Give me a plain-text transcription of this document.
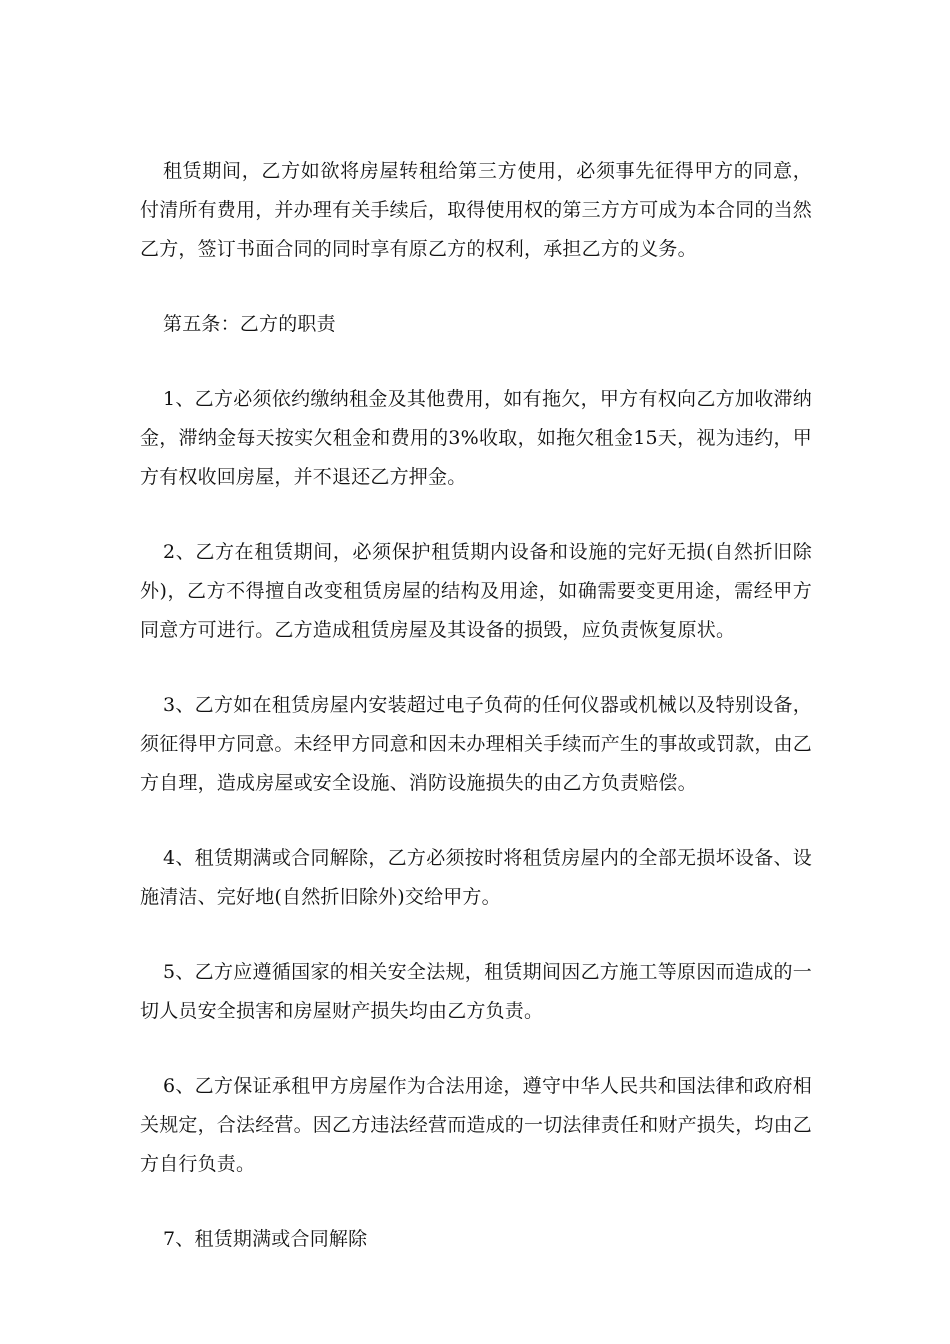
租赁期间，乙方如欲将房屋转租给第三方使用，必须事先征得甲方的同意，付清所有费用，并办理有关手续后，取得使用权的第三方方可成为本合同的当然乙方，签订书面合同的同时享有原乙方的权利，承担乙方的义务。

第五条：乙方的职责

1、乙方必须依约缴纳租金及其他费用，如有拖欠，甲方有权向乙方加收滞纳金，滞纳金每天按实欠租金和费用的3%收取，如拖欠租金15天，视为违约，甲方有权收回房屋，并不退还乙方押金。

2、乙方在租赁期间，必须保护租赁期内设备和设施的完好无损(自然折旧除外)，乙方不得擅自改变租赁房屋的结构及用途，如确需要变更用途，需经甲方同意方可进行。乙方造成租赁房屋及其设备的损毁，应负责恢复原状。

3、乙方如在租赁房屋内安装超过电子负荷的任何仪器或机械以及特别设备，须征得甲方同意。未经甲方同意和因未办理相关手续而产生的事故或罚款，由乙方自理，造成房屋或安全设施、消防设施损失的由乙方负责赔偿。

4、租赁期满或合同解除，乙方必须按时将租赁房屋内的全部无损坏设备、设施清洁、完好地(自然折旧除外)交给甲方。

5、乙方应遵循国家的相关安全法规，租赁期间因乙方施工等原因而造成的一切人员安全损害和房屋财产损失均由乙方负责。

6、乙方保证承租甲方房屋作为合法用途，遵守中华人民共和国法律和政府相关规定，合法经营。因乙方违法经营而造成的一切法律责任和财产损失，均由乙方自行负责。

7、租赁期满或合同解除
